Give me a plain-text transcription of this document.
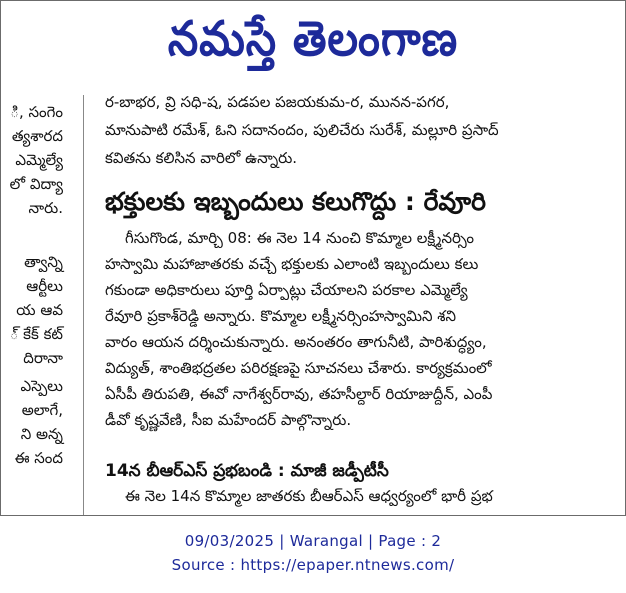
నమస్తే తెలంగాణ
ి, సంగెం
త్యశారద
ఎమ్మెల్యే
లో విద్యా
నారు.
త్వాన్ని
ఆర్టీలు
య ఆవ
్ కేక్ కట్
దిరానా
ఎస్పెలు
అలాగే,
ని అన్న
ఈ సంద
ర-బాభర, వ్రి సధి-ష, పడపల పజయకుమ-ర, మునన-పగర,
మానుపాటి రమేశ్, ఓని సదానందం, పులిచేరు సురేశ్, మల్లూరి ప్రసాద్
కవితను కలిసిన వారిలో ఉన్నారు.
భక్తులకు ఇబ్బందులు కలుగొద్దు : రేవూరి
గీసుగొండ, మార్చి 08: ఈ నెల 14 నుంచి కొమ్మాల లక్ష్మీనర్సిం
హస్వామి మహాజాతరకు వచ్చే భక్తులకు ఎలాంటి ఇబ్బందులు కలు
గకుండా అధికారులు పూర్తి ఏర్పాట్లు చేయాలని పరకాల ఎమ్మెల్యే
రేవూరి ప్రకాశ్‌రెడ్డి అన్నారు. కొమ్మాల లక్ష్మీనర్సింహస్వామిని శని
వారం ఆయన దర్శించుకున్నారు. అనంతరం తాగునీటి, పారిశుద్ధ్యం,
విద్యుత్, శాంతిభద్రతల పరిరక్షణపై సూచనలు చేశారు. కార్యక్రమంలో
ఏసీపీ తిరుపతి, ఈవో నాగేశ్వర్‌రావు, తహసీల్దార్ రియాజుద్దీన్, ఎంపీ
డీవో కృష్ణవేణి, సీఐ మహేందర్ పాల్గొన్నారు.
14న బీఆర్‌ఎస్ ప్రభబండి : మాజీ జడ్పీటీసీ
ఈ నెల 14న కొమ్మాల జాతరకు బీఆర్‌ఎస్ ఆధ్వర్యంలో భారీ ప్రభ
09/03/2025 | Warangal | Page : 2
Source : https://epaper.ntnews.com/
